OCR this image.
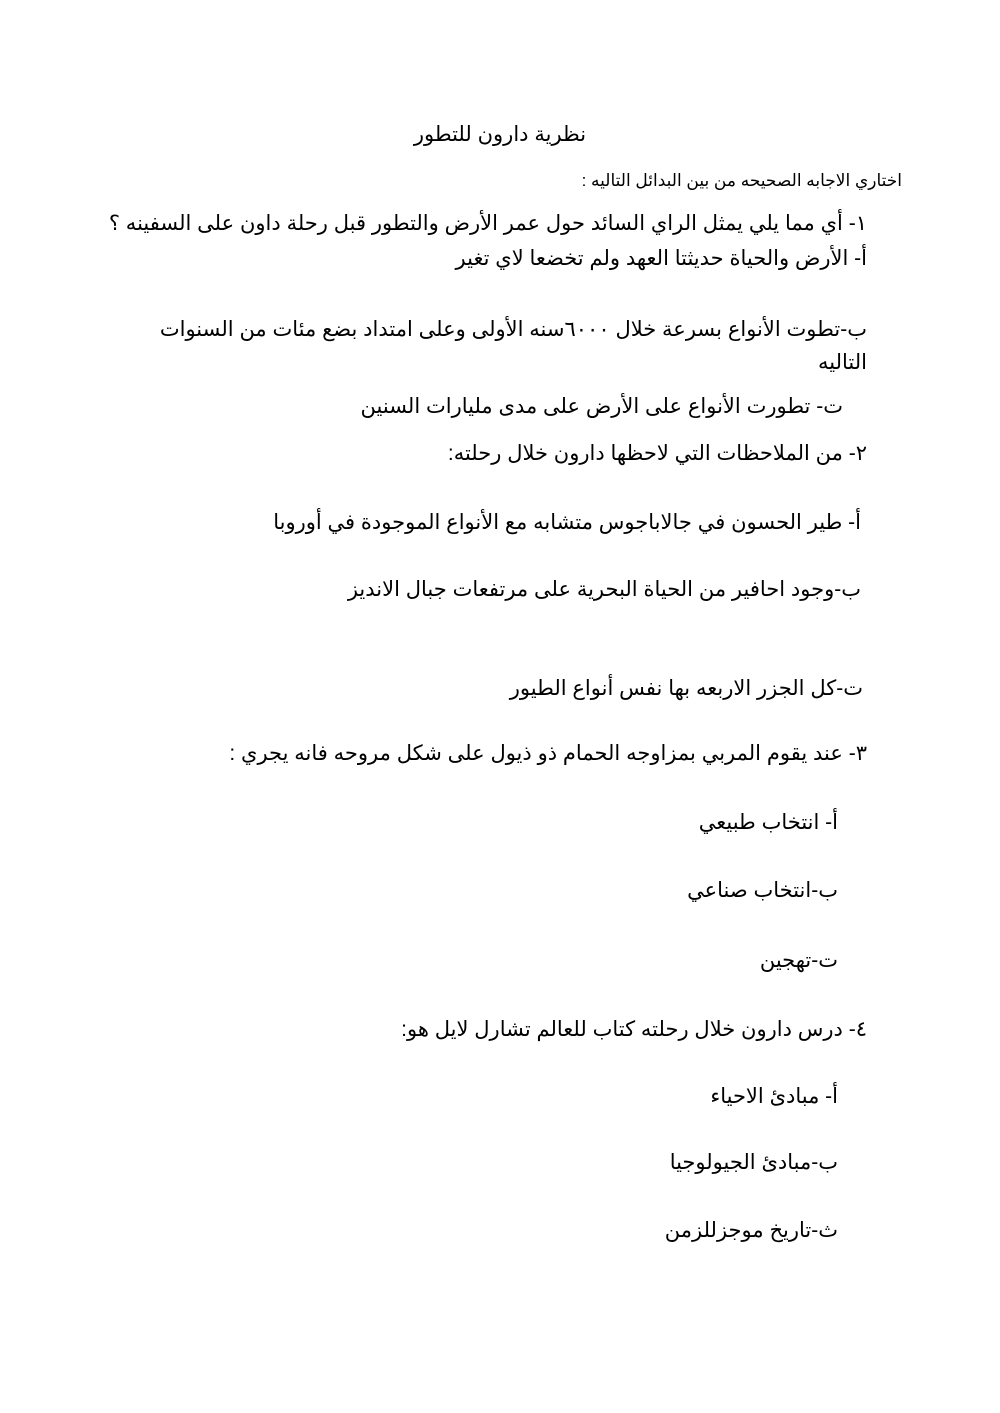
نظرية دارون للتطور
اختاري الاجابه الصحيحه من بين البدائل التاليه :
١- أي مما يلي يمثل الراي السائد حول عمر الأرض والتطور قبل رحلة داون على السفينه ؟
أ- الأرض والحياة حديثتا العهد ولم تخضعا لاي تغير
ب-تطوت الأنواع بسرعة خلال ٦٠٠٠سنه الأولى وعلى امتداد بضع مئات من السنوات التاليه
ت- تطورت الأنواع على الأرض على مدى مليارات السنين
٢- من الملاحظات التي لاحظها دارون خلال رحلته:
أ- طير الحسون في جالاباجوس متشابه مع الأنواع الموجودة في أوروبا
ب-وجود احافير من الحياة البحرية على مرتفعات جبال الانديز
ت-كل الجزر الاربعه بها نفس أنواع الطيور
٣- عند يقوم المربي بمزاوجه الحمام ذو ذيول على شكل مروحه فانه يجري :
أ- انتخاب طبيعي
ب-انتخاب صناعي
ت-تهجين
٤- درس دارون خلال رحلته كتاب للعالم تشارل لايل هو:
أ- مبادئ الاحياء
ب-مبادئ الجيولوجيا
ث-تاريخ موجزللزمن
